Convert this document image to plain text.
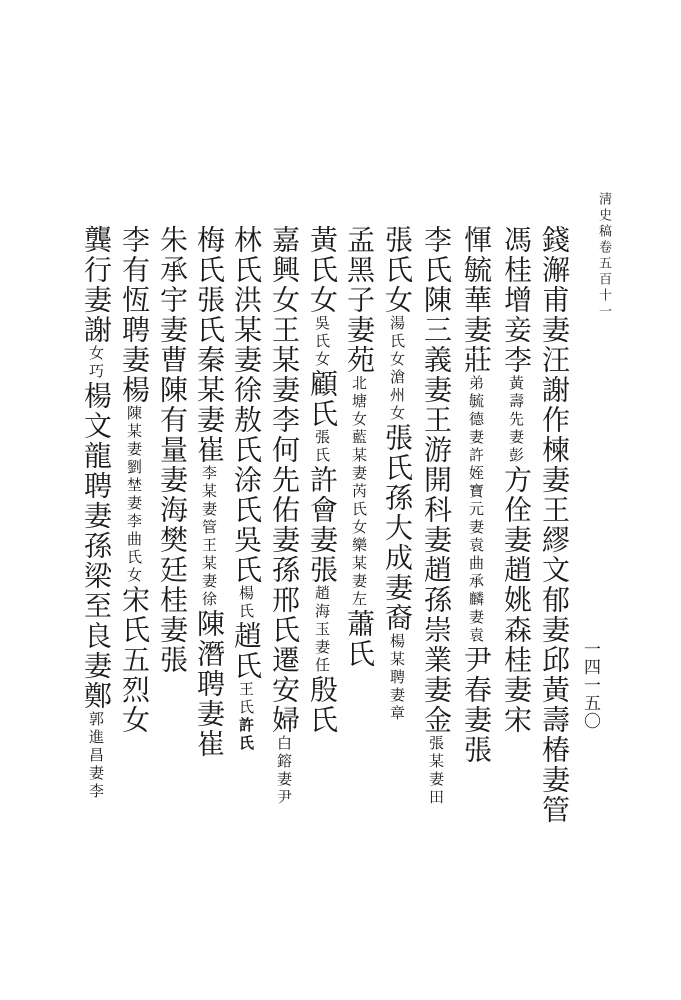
淸史稿卷五百十一
一四一五〇
錢澥甫妻汪謝作楝妻王繆文郁妻邱黃壽椿妻管
馮桂增妾李黃壽先妻彭方佺妻趙姚森桂妻宋
惲毓華妻莊弟毓德妻許姪寶元妻袁曲承麟妻袁尹春妻張
李氏陳三義妻王游開科妻趙孫崇業妻金張某妻田
張氏女湯氏女滄州女張氏孫大成妻裔楊某聘妻章
孟黑子妻苑北塘女藍某妻芮氏女樂某妻左蕭氏
黃氏女吳氏女顧氏張氏許會妻張趙海玉妻任殷氏
嘉興女王某妻李何先佑妻孫邢氏遷安婦白鎔妻尹
林氏洪某妻徐敖氏涂氏吳氏楊氏趙氏王氏許氏
梅氏張氏秦某妻崔李某妻管王某妻徐陳潛聘妻崔
朱承宇妻曹陳有量妻海樊廷桂妻張
李有恆聘妻楊陳某妻劉埜妻李曲氏女宋氏五烈女
龔行妻謝女巧楊文龍聘妻孫梁至良妻鄭郭進昌妻李
